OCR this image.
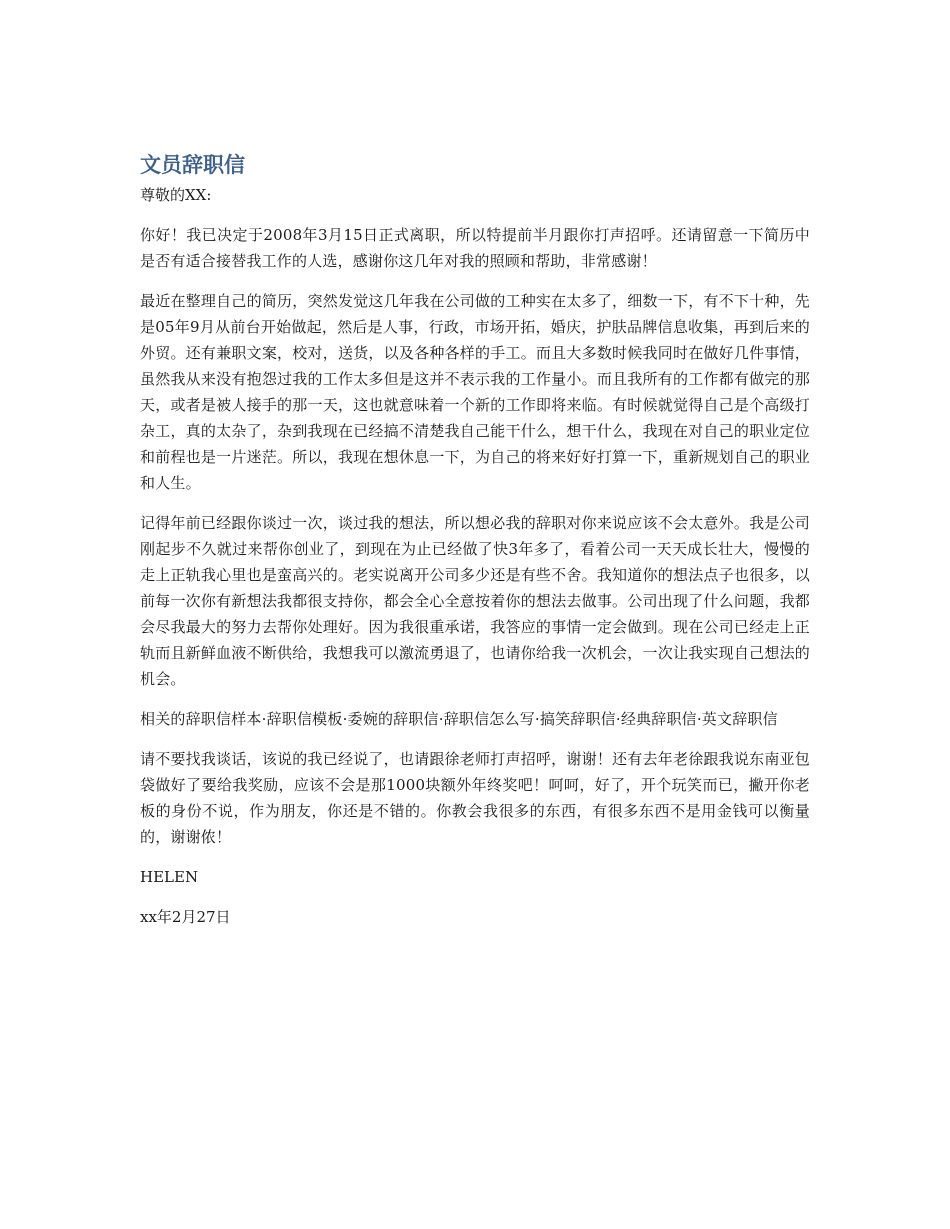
文员辞职信

尊敬的XX:

你好！我已决定于2008年3月15日正式离职，所以特提前半月跟你打声招呼。还请留意一下简历中是否有适合接替我工作的人选，感谢你这几年对我的照顾和帮助，非常感谢！

最近在整理自己的简历，突然发觉这几年我在公司做的工种实在太多了，细数一下，有不下十种，先是05年9月从前台开始做起，然后是人事，行政，市场开拓，婚庆，护肤品牌信息收集，再到后来的外贸。还有兼职文案，校对，送货，以及各种各样的手工。而且大多数时候我同时在做好几件事情，虽然我从来没有抱怨过我的工作太多但是这并不表示我的工作量小。而且我所有的工作都有做完的那天，或者是被人接手的那一天，这也就意味着一个新的工作即将来临。有时候就觉得自己是个高级打杂工，真的太杂了，杂到我现在已经搞不清楚我自己能干什么，想干什么，我现在对自己的职业定位和前程也是一片迷茫。所以，我现在想休息一下，为自己的将来好好打算一下，重新规划自己的职业和人生。

记得年前已经跟你谈过一次，谈过我的想法，所以想必我的辞职对你来说应该不会太意外。我是公司刚起步不久就过来帮你创业了，到现在为止已经做了快3年多了，看着公司一天天成长壮大，慢慢的走上正轨我心里也是蛮高兴的。老实说离开公司多少还是有些不舍。我知道你的想法点子也很多，以前每一次你有新想法我都很支持你，都会全心全意按着你的想法去做事。公司出现了什么问题，我都会尽我最大的努力去帮你处理好。因为我很重承诺，我答应的事情一定会做到。现在公司已经走上正轨而且新鲜血液不断供给，我想我可以激流勇退了，也请你给我一次机会，一次让我实现自己想法的机会。

相关的辞职信样本·辞职信模板·委婉的辞职信·辞职信怎么写·搞笑辞职信·经典辞职信·英文辞职信

请不要找我谈话，该说的我已经说了，也请跟徐老师打声招呼，谢谢！还有去年老徐跟我说东南亚包袋做好了要给我奖励，应该不会是那1000块额外年终奖吧！呵呵，好了，开个玩笑而已，撇开你老板的身份不说，作为朋友，你还是不错的。你教会我很多的东西，有很多东西不是用金钱可以衡量的，谢谢侬！

HELEN

xx年2月27日
